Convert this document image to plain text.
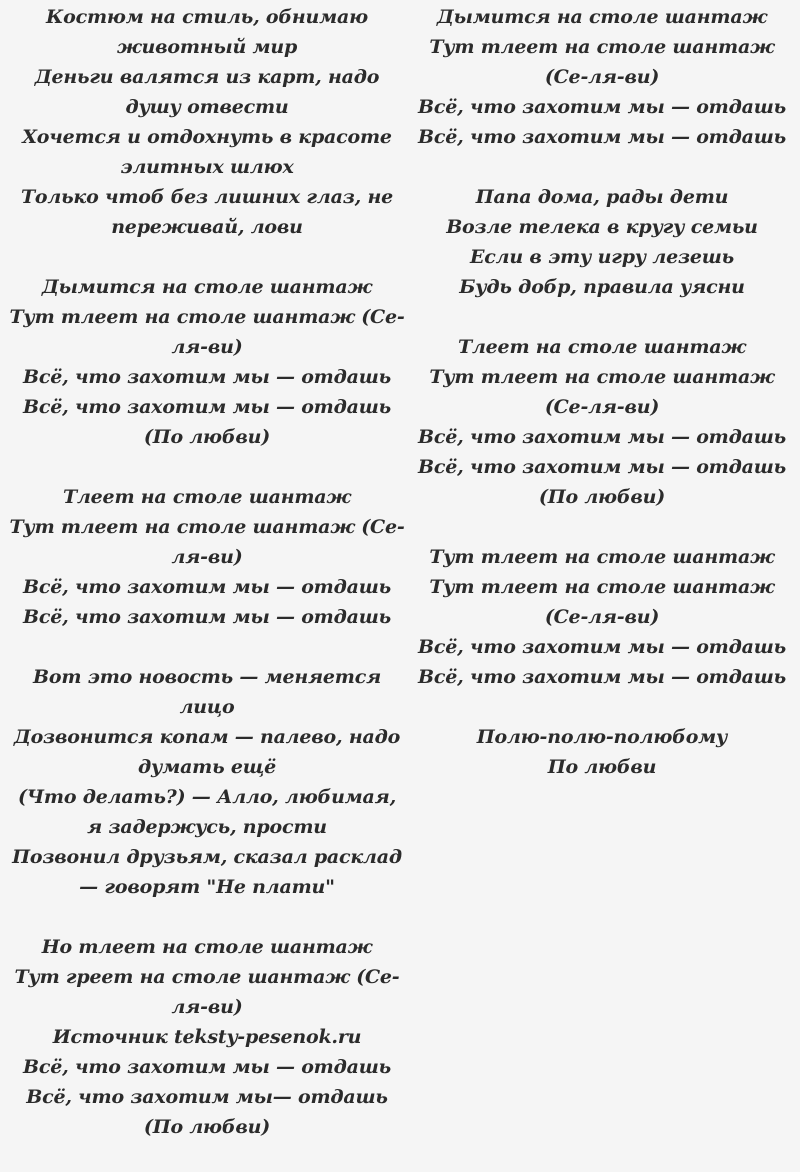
Костюм на стиль, обнимаю животный мир
Деньги валятся из карт, надо душу отвести
Хочется и отдохнуть в красоте элитных шлюх
Только чтоб без лишних глаз, не переживай, лови
Дымится на столе шантаж
Тут тлеет на столе шантаж (Се-ля-ви)
Всё, что захотим мы — отдашь
Всё, что захотим мы — отдашь (По любви)
Тлеет на столе шантаж
Тут тлеет на столе шантаж (Се-ля-ви)
Всё, что захотим мы — отдашь
Всё, что захотим мы — отдашь
Вот это новость — меняется лицо
Дозвонится копам — палево, надо думать ещё
(Что делать?) — Алло, любимая, я задержусь, прости
Позвонил друзьям, сказал расклад — говорят "Не плати"
Но тлеет на столе шантаж
Тут греет на столе шантаж (Се-ля-ви)
Источник teksty-pesenok.ru
Всё, что захотим мы — отдашь
Всё, что захотим мы— отдашь (По любви)
Дымится на столе шантаж
Тут тлеет на столе шантаж (Се-ля-ви)
Всё, что захотим мы — отдашь
Всё, что захотим мы — отдашь
Папа дома, рады дети
Возле телека в кругу семьи
Если в эту игру лезешь
Будь добр, правила уясни
Тлеет на столе шантаж
Тут тлеет на столе шантаж (Се-ля-ви)
Всё, что захотим мы — отдашь
Всё, что захотим мы — отдашь (По любви)
Тут тлеет на столе шантаж
Тут тлеет на столе шантаж (Се-ля-ви)
Всё, что захотим мы — отдашь
Всё, что захотим мы — отдашь
Полю-полю-полюбому
По любви
